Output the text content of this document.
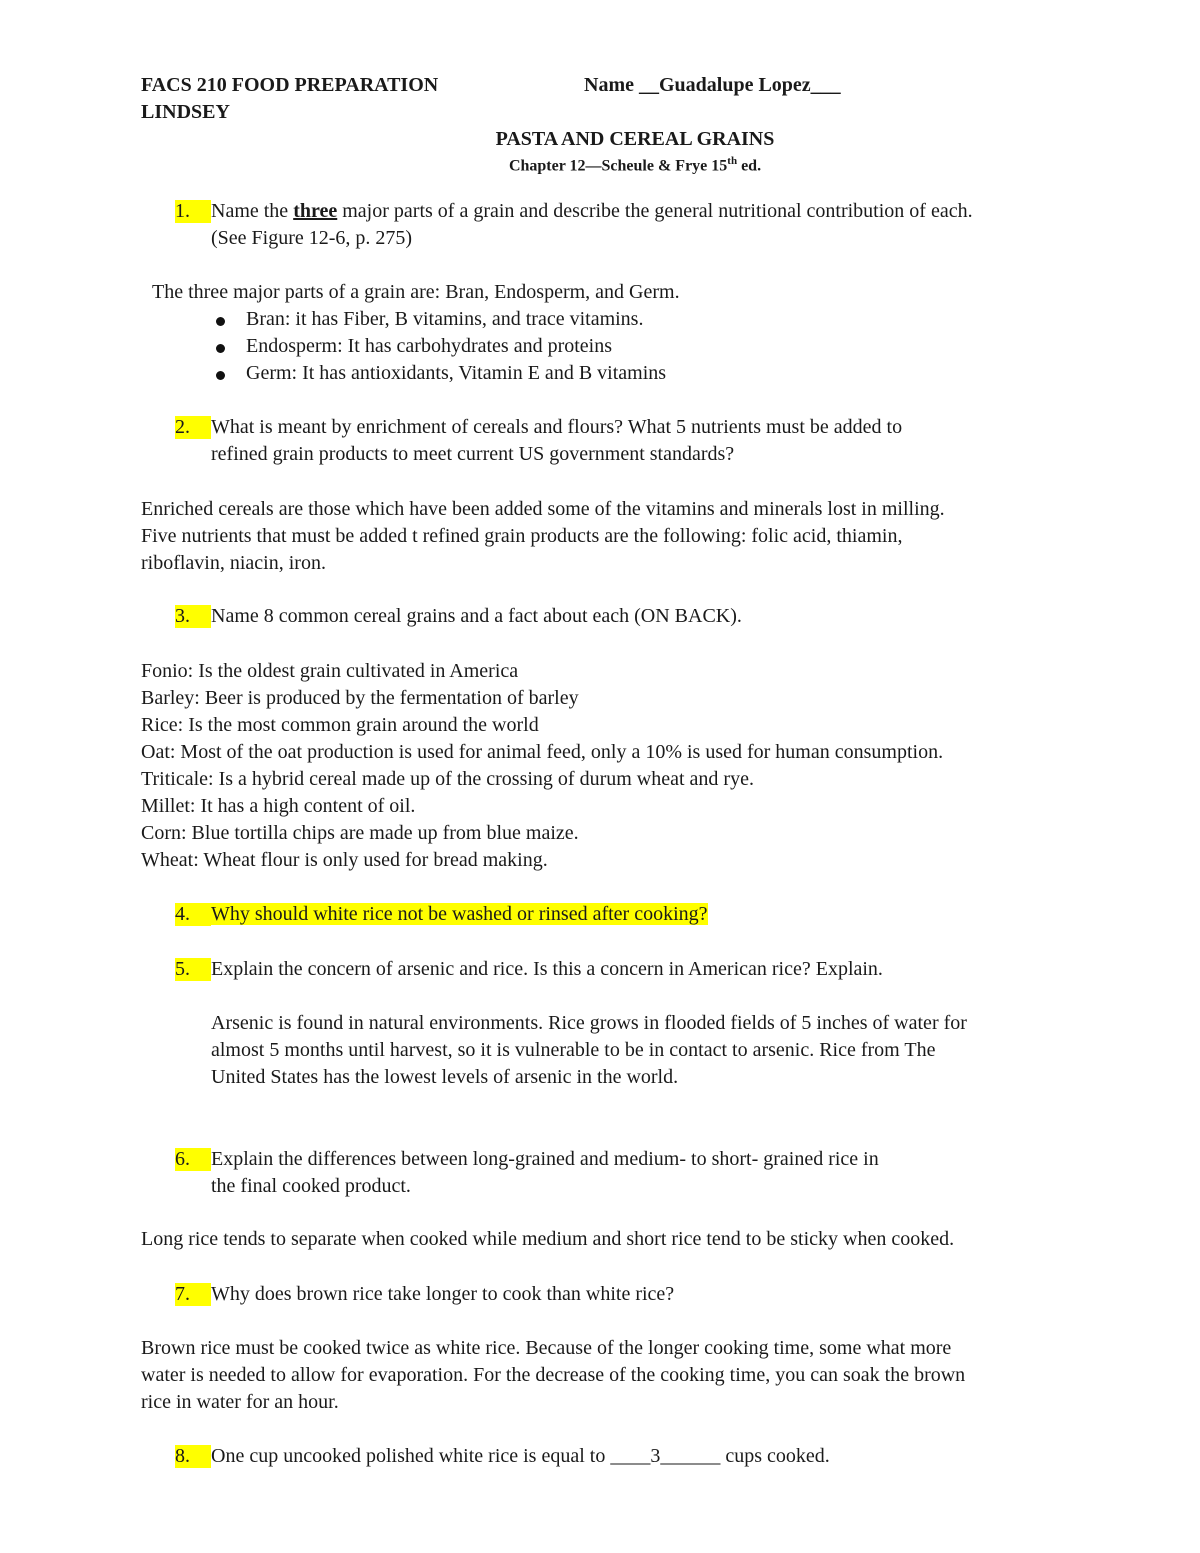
FACS 210 FOOD PREPARATION
LINDSEY
Name __Guadalupe Lopez___
PASTA AND CEREAL GRAINS
Chapter 12—Scheule & Frye 15th ed.
1. Name the three major parts of a grain and describe the general nutritional contribution of each.
(See Figure 12-6, p. 275)
The three major parts of a grain are: Bran, Endosperm, and Germ.
Bran: it has Fiber, B vitamins, and trace vitamins.
Endosperm: It has carbohydrates and proteins
Germ: It has antioxidants, Vitamin E and B vitamins
2. What is meant by enrichment of cereals and flours? What 5 nutrients must be added to
refined grain products to meet current US government standards?
Enriched cereals are those which have been added some of the vitamins and minerals lost in milling.
Five nutrients that must be added t refined grain products are the following: folic acid, thiamin,
riboflavin, niacin, iron.
3. Name 8 common cereal grains and a fact about each (ON BACK).
Fonio: Is the oldest grain cultivated in America
Barley: Beer is produced by the fermentation of barley
Rice: Is the most common grain around the world
Oat: Most of the oat production is used for animal feed, only a 10% is used for human consumption.
Triticale: Is a hybrid cereal made up of the crossing of durum wheat and rye.
Millet: It has a high content of oil.
Corn: Blue tortilla chips are made up from blue maize.
Wheat: Wheat flour is only used for bread making.
4. Why should white rice not be washed or rinsed after cooking?
5. Explain the concern of arsenic and rice. Is this a concern in American rice? Explain.
Arsenic is found in natural environments. Rice grows in flooded fields of 5 inches of water for
almost 5 months until harvest, so it is vulnerable to be in contact to arsenic. Rice from The
United States has the lowest levels of arsenic in the world.
6. Explain the differences between long-grained and medium- to short- grained rice in
the final cooked product.
Long rice tends to separate when cooked while medium and short rice tend to be sticky when cooked.
7. Why does brown rice take longer to cook than white rice?
Brown rice must be cooked twice as white rice. Because of the longer cooking time, some what more
water is needed to allow for evaporation. For the decrease of the cooking time, you can soak the brown
rice in water for an hour.
8. One cup uncooked polished white rice is equal to ____3______ cups cooked.
